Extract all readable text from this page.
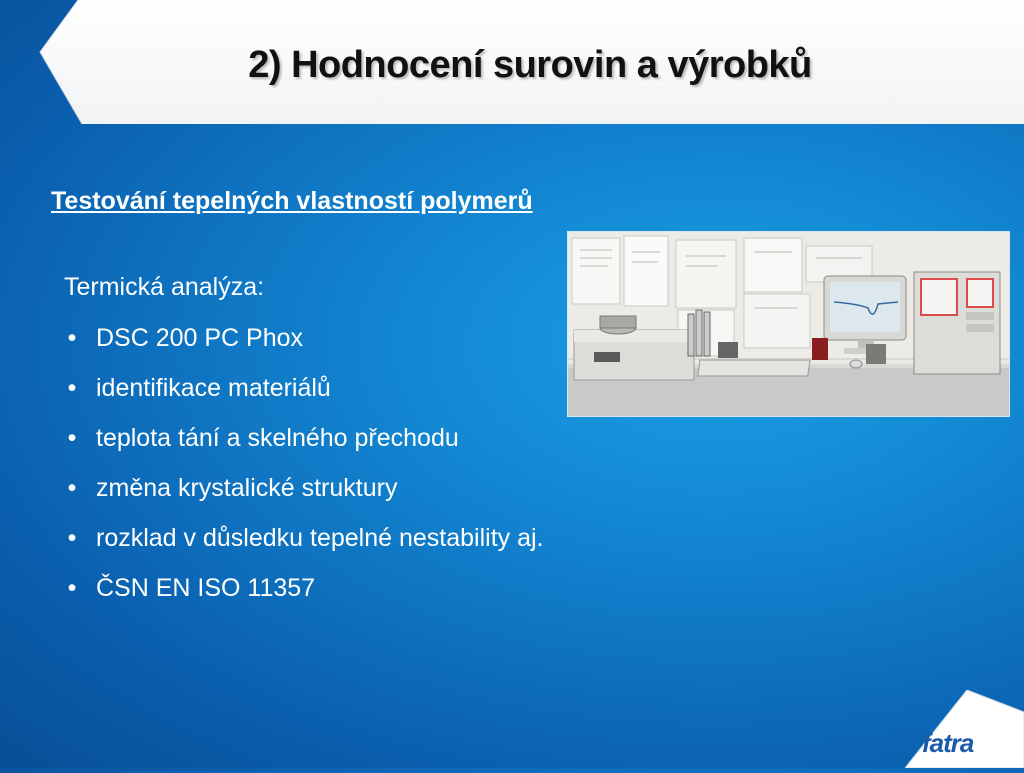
2) Hodnocení surovin a výrobků
Testování tepelných vlastností polymerů
Termická analýza:
• DSC 200 PC Phox
• identifikace materiálů
• teplota tání a skelného přechodu
• změna krystalické struktury
• rozklad v důsledku tepelné nestability aj.
• ČSN EN ISO 11357
fatra
